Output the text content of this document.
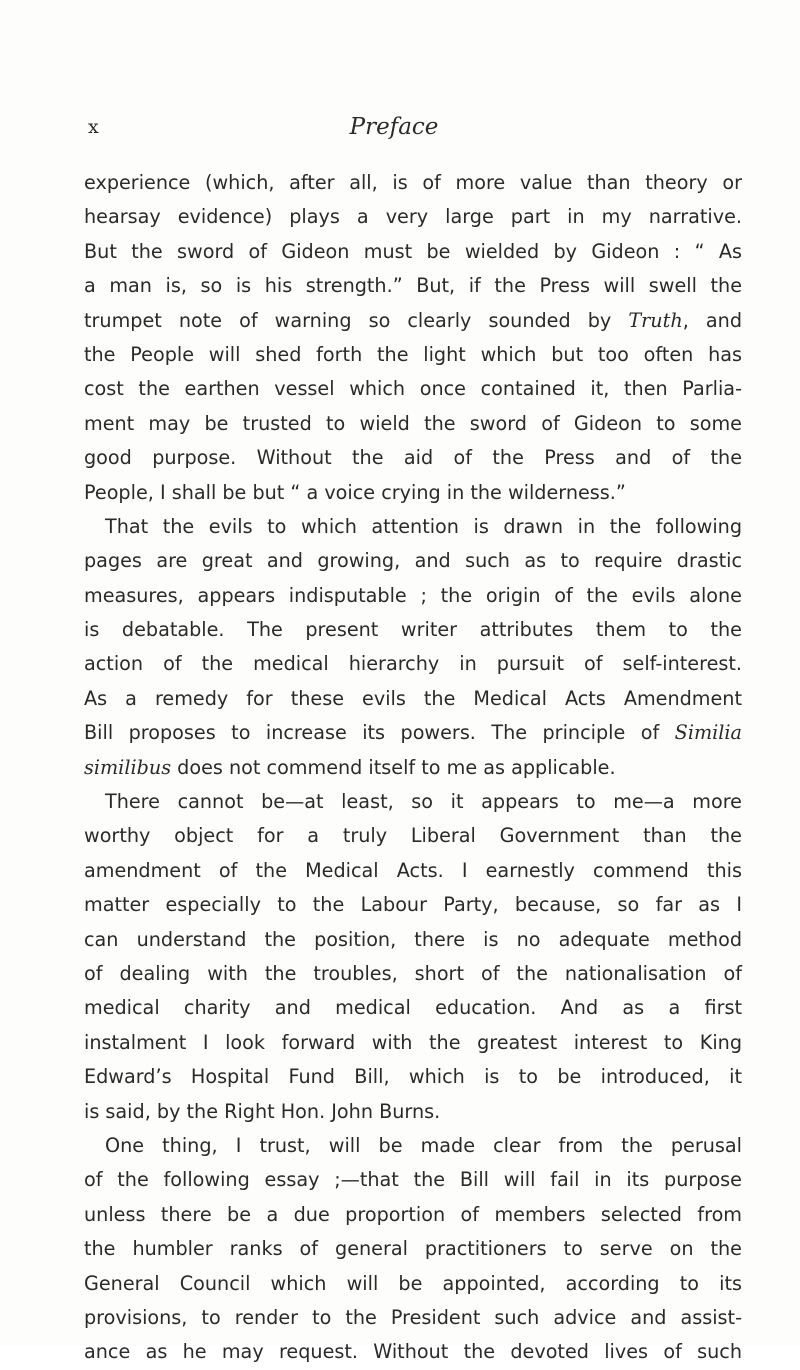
x	Preface
experience (which, after all, is of more value than theory or
hearsay evidence) plays a very large part in my narrative.
But the sword of Gideon must be wielded by Gideon : “ As
a man is, so is his strength.” But, if the Press will swell the
trumpet note of warning so clearly sounded by Truth, and
the People will shed forth the light which but too often has
cost the earthen vessel which once contained it, then Parlia-
ment may be trusted to wield the sword of Gideon to some
good purpose. Without the aid of the Press and of the
People, I shall be but “ a voice crying in the wilderness.”
That the evils to which attention is drawn in the following
pages are great and growing, and such as to require drastic
measures, appears indisputable ; the origin of the evils alone
is debatable. The present writer attributes them to the
action of the medical hierarchy in pursuit of self-interest.
As a remedy for these evils the Medical Acts Amendment
Bill proposes to increase its powers. The principle of Similia
similibus does not commend itself to me as applicable.
There cannot be—at least, so it appears to me—a more
worthy object for a truly Liberal Government than the
amendment of the Medical Acts. I earnestly commend this
matter especially to the Labour Party, because, so far as I
can understand the position, there is no adequate method
of dealing with the troubles, short of the nationalisation of
medical charity and medical education. And as a first
instalment I look forward with the greatest interest to King
Edward’s Hospital Fund Bill, which is to be introduced, it
is said, by the Right Hon. John Burns.
One thing, I trust, will be made clear from the perusal
of the following essay ;—that the Bill will fail in its purpose
unless there be a due proportion of members selected from
the humbler ranks of general practitioners to serve on the
General Council which will be appointed, according to its
provisions, to render to the President such advice and assist-
ance as he may request. Without the devoted lives of such
